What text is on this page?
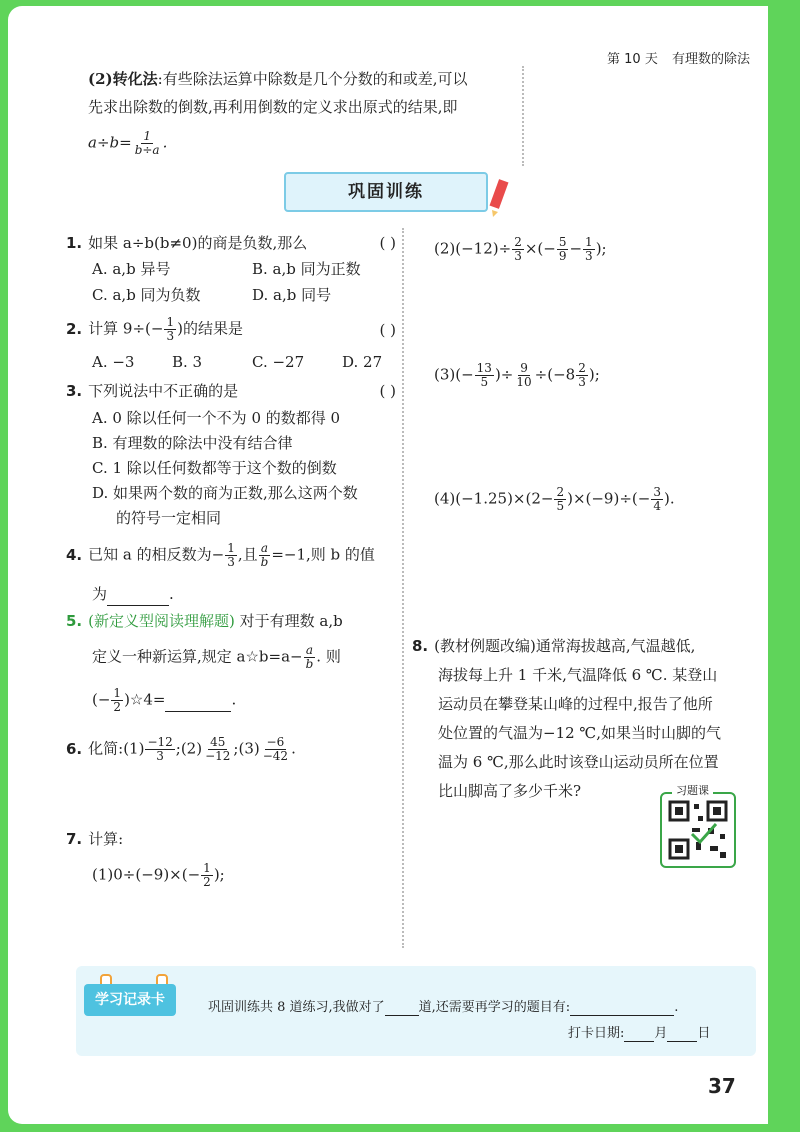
第 10 天 有理数的除法
(2)转化法:有些除法运算中除数是几个分数的和或差,可以
先求出除数的倒数,再利用倒数的定义求出原式的结果,即
$a\div b= \frac{1}{b\div a}$ .
巩固训练
1. 如果 a÷b(b≠0)的商是负数,那么	( )
A. a,b 异号	B. a,b 同为正数
C. a,b 同为负数	D. a,b 同号
2. 计算 $9\div(- \frac{1}{3}$ )的结果是	( )
A. −3	B. 3	C. −27	D. 27
3. 下列说法中不正确的是	( )
A. 0 除以任何一个不为 0 的数都得 0
B. 有理数的除法中没有结合律
C. 1 除以任何数都等于这个数的倒数
D. 如果两个数的商为正数,那么这两个数
的符号一定相同
4. 已知 a 的相反数为− $\frac{1}{3}$ ,且 $\frac{a}{b} =-1$,则 b 的值
为	.
5. (新定义型阅读理解题) 对于有理数 a,b
定义一种新运算,规定 a☆b=a− $\frac{a}{b}$ . 则
(− $\frac{1}{2}$ )☆4=	.
6. 化简:(1) $\frac{-12}{3}$ ;(2) $\frac{45}{-12}$ ;(3) $\frac{-6}{-42}$ .
7. 计算:
$(1)0\div(-9)\times(- \frac{1}{2}$ );
$(2)(-12)\div \frac{2}{3}$ ×(− $\frac{5}{9} - \frac{1}{3}$ );
$(3)(- \frac{13}{5}$ )÷ $\frac{9}{10} \div(-8 \frac{2}{3}$ );
$(4)(-1.25)\times(2- \frac{2}{5} )\times(-9)\div(- \frac{3}{4}$ ).
8. (教材例题改编)通常海拔越高,气温越低,
海拔每上升 1 千米,气温降低 6 ℃. 某登山
运动员在攀登某山峰的过程中,报告了他所
处位置的气温为−12 ℃,如果当时山脚的气
温为 6 ℃,那么此时该登山运动员所在位置
比山脚高了多少千米?	习题课
学习记录卡	巩固训练共 8 道练习,我做对了	道,还需要再学习的题目有:	.
打卡日期: 月 日
37
